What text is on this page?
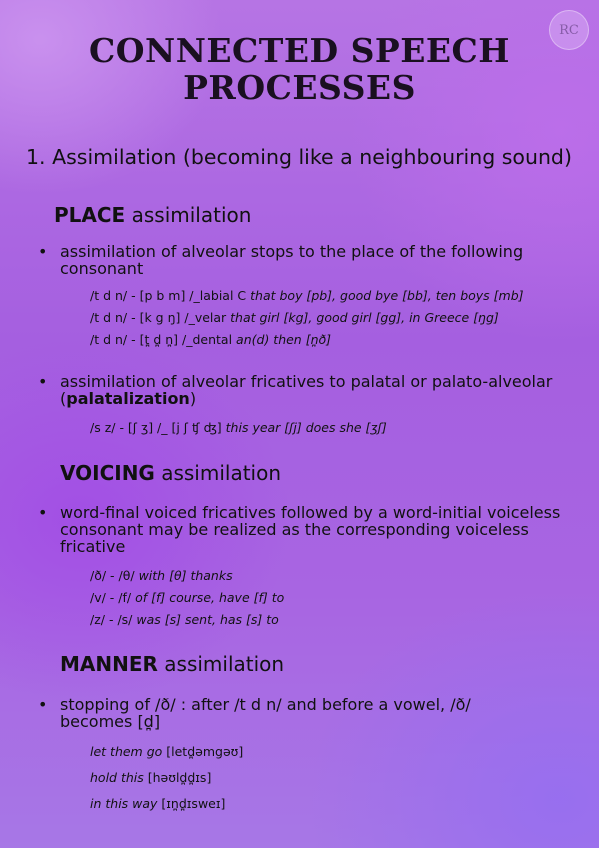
RC
CONNECTED SPEECH
PROCESSES
1. Assimilation (becoming like a neighbouring sound)
PLACE assimilation
• assimilation of alveolar stops to the place of the following consonant
/t d n/ - [p b m] /_labial C that boy [pb], good bye [bb], ten boys [mb]
/t d n/ - [k g ŋ] /_velar that girl [kg], good girl [gg], in Greece [ŋg]
/t d n/ - [t̪ d̪ n̪] /_dental an(d) then [n̪ð]
• assimilation of alveolar fricatives to palatal or palato-alveolar (palatalization)
/s z/ - [ʃ ʒ] /_ [j ʃ ʧ ʤ] this year [ʃj] does she [ʒʃ]
VOICING assimilation
• word-final voiced fricatives followed by a word-initial voiceless consonant may be realized as the corresponding voiceless fricative
/ð/ - /θ/ with [θ] thanks
/v/ - /f/ of [f] course, have [f] to
/z/ - /s/ was [s] sent, has [s] to
MANNER assimilation
• stopping of /ð/ : after /t d n/ and before a vowel, /ð/ becomes [d̪]
let them go [letd̪əmgəʊ]
hold this [həʊld̪d̪ɪs]
in this way [ɪn̪d̪ɪsweɪ]
